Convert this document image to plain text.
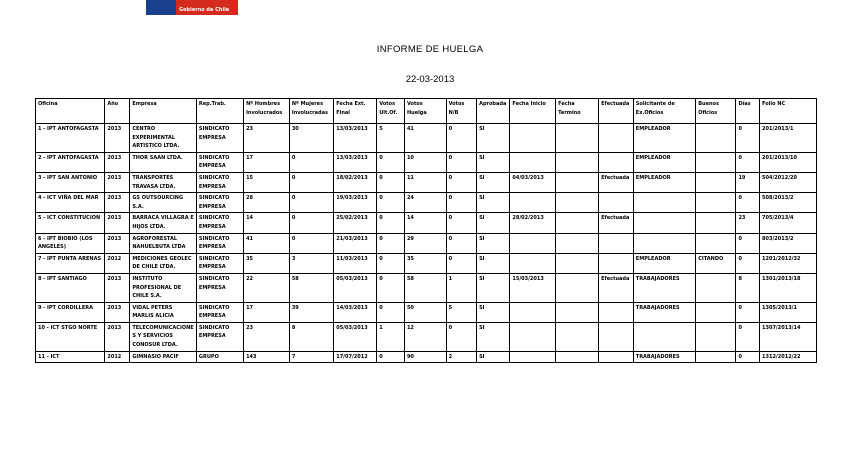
Gobierno de Chile
INFORME DE HUELGA
22-03-2013
Oficina	Año	Empresa	Rep.Trab.	Nº Hombres Involucrados	Nº Mujeres Involucradas	Fecha Ext. Final	Votos Ult.Of.	Votos Huelga	Votos N/B	Aprobada	Fecha Inicio	Fecha Termino	Efectuada	Solicitante de Ex.Oficios	Buenos Oficios	Días	Folio NC
1 - IPT ANTOFAGASTA	2013	CENTRO EXPERIMENTAL ARTISTICO LTDA.	SINDICATO EMPRESA	23	30	13/03/2013	5	41	0	SI				EMPLEADOR		0	201/2013/1
2 - IPT ANTOFAGASTA	2013	THOR SAAN LTDA.	SINDICATO EMPRESA	17	0	13/03/2013	0	10	0	SI				EMPLEADOR		0	201/2013/10
3 - IPT SAN ANTONIO	2013	TRANSPORTES TRAVASA LTDA.	SINDICATO EMPRESA	15	0	18/02/2013	0	11	0	SI	04/03/2013		Efectuada	EMPLEADOR		19	504/2012/20
4 - ICT VIÑA DEL MAR	2013	GS OUTSOURCING S.A.	SINDICATO EMPRESA	28	0	19/03/2013	0	24	0	SI						0	508/2013/2
5 - ICT CONSTITUCION	2013	BARRACA VILLAGRA E HIJOS LTDA.	SINDICATO EMPRESA	14	0	25/02/2013	0	14	0	SI	28/02/2013		Efectuada			23	705/2013/4
6 - IPT BIOBIO (LOS ANGELES)	2013	AGROFORESTAL NAHUELBUTA LTDA	SINDICATO EMPRESA	41	0	21/03/2013	0	29	0	SI						0	803/2013/2
7 - IPT PUNTA ARENAS	2012	MEDICIONES GEOLEC DE CHILE LTDA.	SINDICATO EMPRESA	35	3	11/03/2013	0	35	0	SI				EMPLEADOR	CITANDO	0	1201/2012/32
8 - IPT SANTIAGO	2013	INSTITUTO PROFESIONAL DE CHILE S.A.	SINDICATO EMPRESA	22	58	05/03/2013	0	58	1	SI	15/03/2013		Efectuada	TRABAJADORES		8	1301/2013/18
9 - IPT CORDILLERA	2013	VIDAL PETERS MARLIS ALICIA	SINDICATO EMPRESA	17	39	14/03/2013	0	50	5	SI				TRABAJADORES		0	1305/2013/1
10 - ICT STGO NORTE	2013	TELECOMUNICACIONES Y SERVICIOS CONOSUR LTDA.	SINDICATO EMPRESA	23	8	05/03/2013	1	12	0	SI						0	1307/2013/14
11 - ICT	2012	GIMNASIO PACIF	GRUPO	143	7	17/07/2012	0	90	2	SI				TRABAJADORES		0	1312/2012/22
